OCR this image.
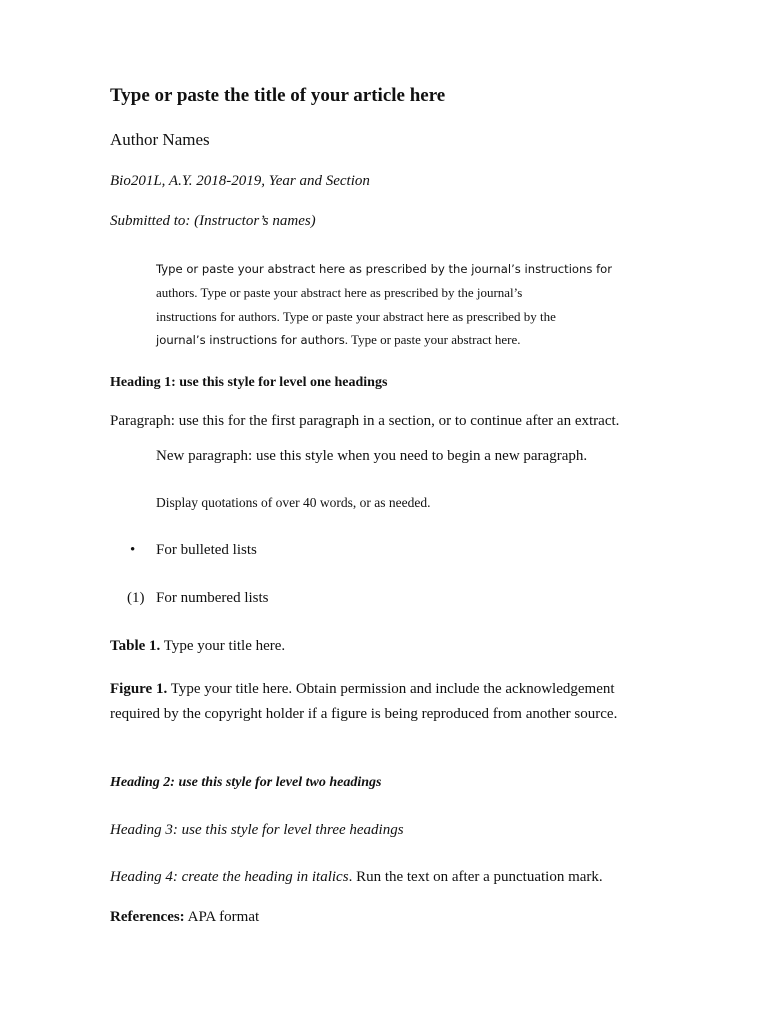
Type or paste the title of your article here

Author Names

Bio201L, A.Y. 2018-2019, Year and Section

Submitted to: (Instructor’s names)

Type or paste your abstract here as prescribed by the journal’s instructions for
authors. Type or paste your abstract here as prescribed by the journal’s
instructions for authors. Type or paste your abstract here as prescribed by the
journal’s instructions for authors. Type or paste your abstract here.

Heading 1: use this style for level one headings

Paragraph: use this for the first paragraph in a section, or to continue after an extract.

New paragraph: use this style when you need to begin a new paragraph.

Display quotations of over 40 words, or as needed.

• For bulleted lists

(1) For numbered lists

Table 1. Type your title here.

Figure 1. Type your title here. Obtain permission and include the acknowledgement
required by the copyright holder if a figure is being reproduced from another source.

Heading 2: use this style for level two headings

Heading 3: use this style for level three headings

Heading 4: create the heading in italics. Run the text on after a punctuation mark.

References: APA format
